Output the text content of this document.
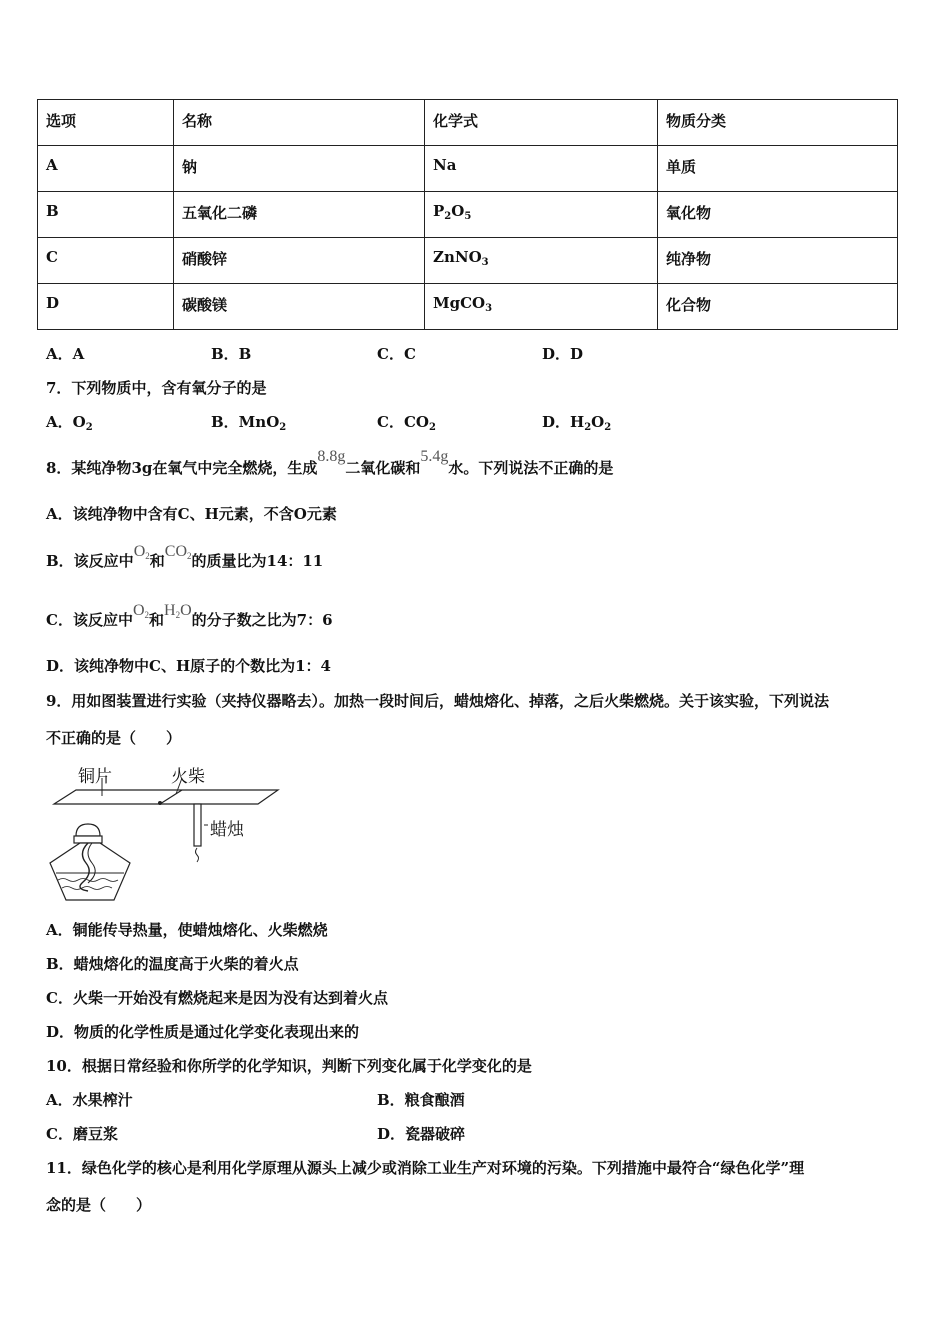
选项	名称	化学式	物质分类
A	钠	Na	单质
B	五氧化二磷	$P_2O_5$	氧化物
C	硝酸锌	ZnNO$_3$	纯净物
D	碳酸镁	MgCO$_3$	化合物
A．A	B．B	C．C	D．D
7．下列物质中，含有氧分子的是
A．$O_2$	B．MnO$_2$	C．$CO_2$	D．$H_2O_2$
8．某纯净物3g在氧气中完全燃烧，生成8.8g二氧化碳和5.4g水。下列说法不正确的是
A．该纯净物中含有C、H元素，不含O元素
B．该反应中$O_2$和$CO_2$的质量比为14：11
C．该反应中$O_2$和$H_2O$的分子数之比为7：6
D．该纯净物中C、H原子的个数比为1：4
9．用如图装置进行实验（夹持仪器略去）。加热一段时间后，蜡烛熔化、掉落，之后火柴燃烧。关于该实验，下列说法
不正确的是（　　）
铜片	火柴
蜡烛
A．铜能传导热量，使蜡烛熔化、火柴燃烧
B．蜡烛熔化的温度高于火柴的着火点
C．火柴一开始没有燃烧起来是因为没有达到着火点
D．物质的化学性质是通过化学变化表现出来的
10．根据日常经验和你所学的化学知识，判断下列变化属于化学变化的是
A．水果榨汁	B．粮食酿酒
C．磨豆浆	D．瓷器破碎
11．绿色化学的核心是利用化学原理从源头上减少或消除工业生产对环境的污染。下列措施中最符合“绿色化学”理
念的是（　　）
